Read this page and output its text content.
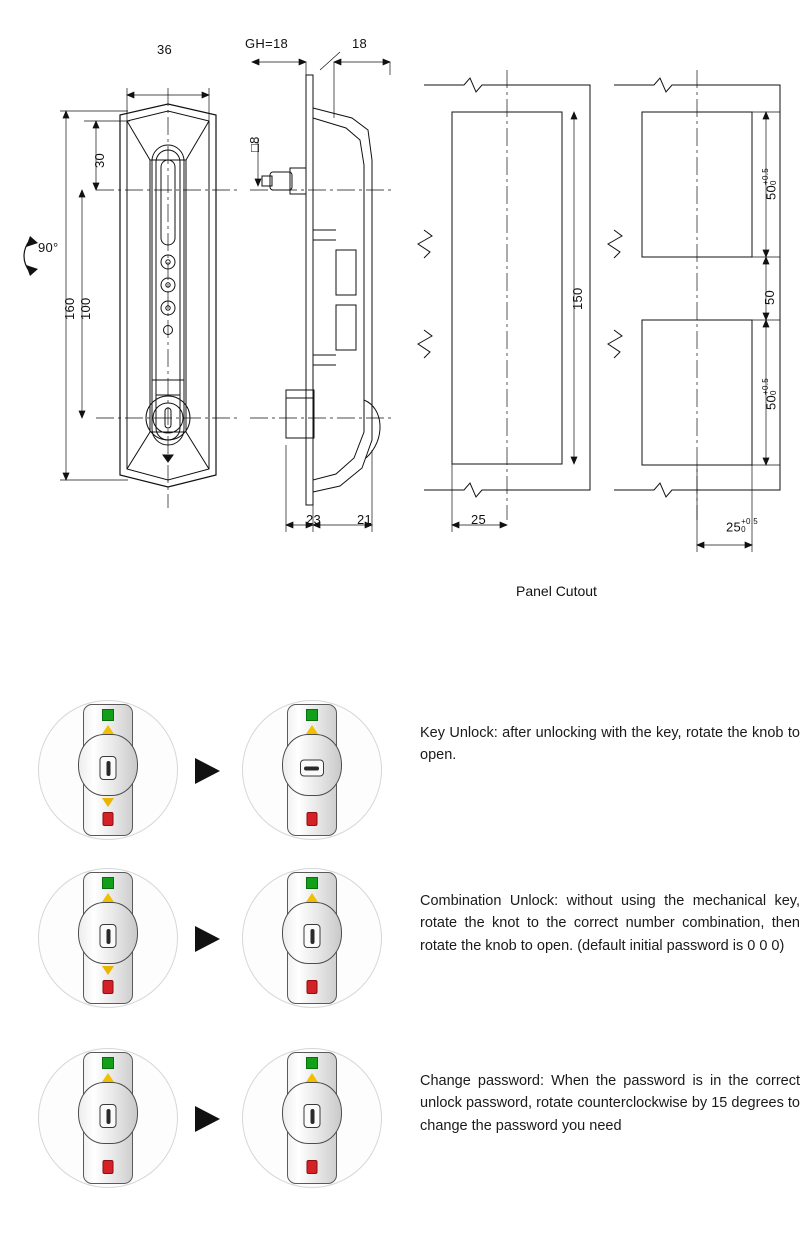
36
30
100
160
90°
GH=18	18
□8
23	21
150
25
50+0.5
0
50
50+0.5
0
25+0.5
0
Panel Cutout
Key Unlock: after unlocking with the key, rotate the knob to open.
Combination Unlock: without using the mechanical key, rotate the knot to the correct number combination, then rotate the knob to open. (default initial password is 0 0 0)
Change password: When the password is in the correct unlock password, rotate counterclockwise by 15 degrees to change the password you need
